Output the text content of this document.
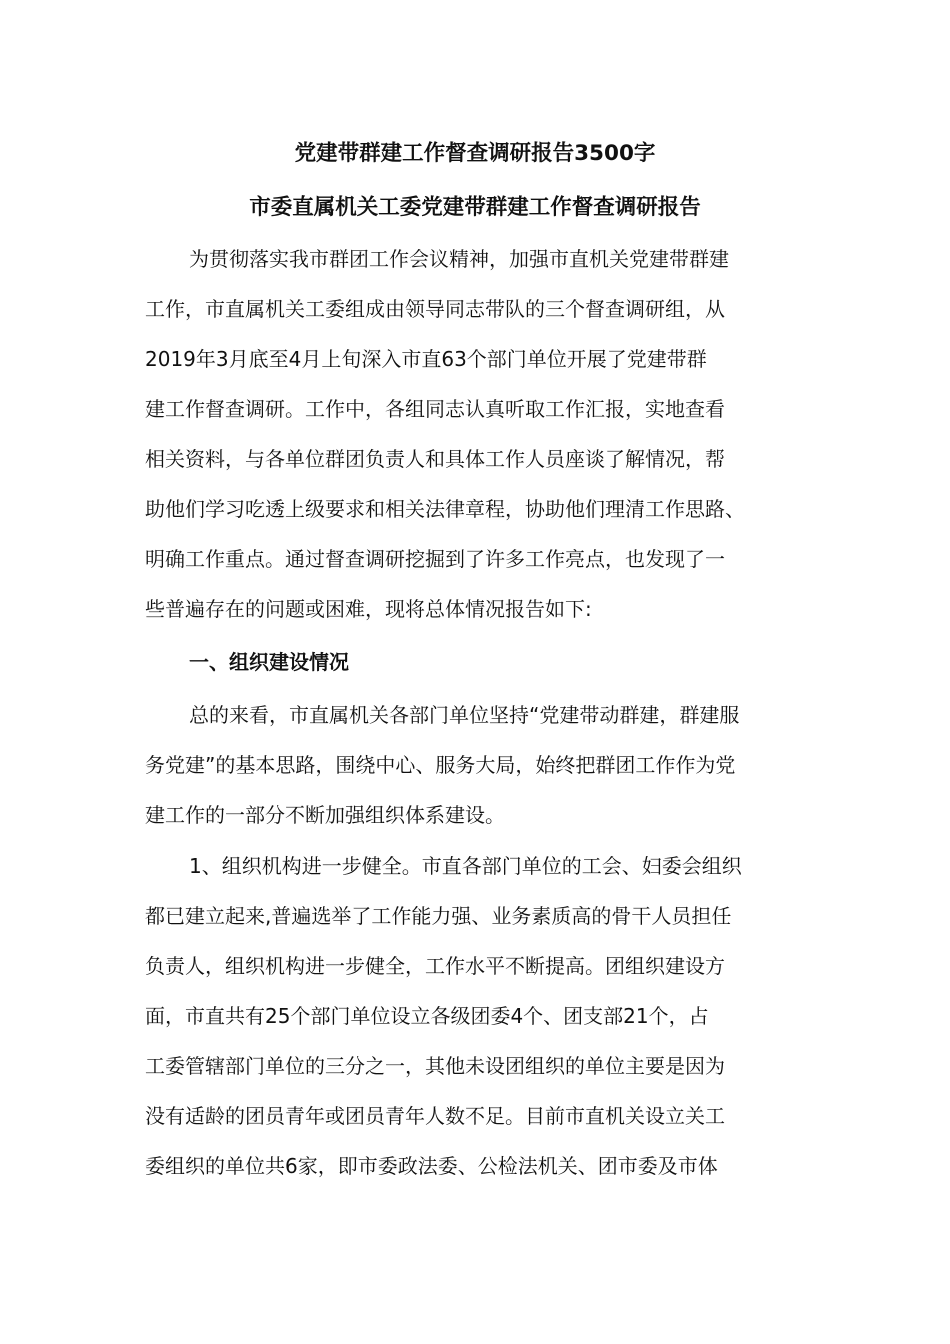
党建带群建工作督查调研报告3500字
市委直属机关工委党建带群建工作督查调研报告
为贯彻落实我市群团工作会议精神，加强市直机关党建带群建
工作，市直属机关工委组成由领导同志带队的三个督查调研组，从
2019年3月底至4月上旬深入市直63个部门单位开展了党建带群
建工作督查调研。工作中，各组同志认真听取工作汇报，实地查看
相关资料，与各单位群团负责人和具体工作人员座谈了解情况，帮
助他们学习吃透上级要求和相关法律章程，协助他们理清工作思路、
明确工作重点。通过督查调研挖掘到了许多工作亮点，也发现了一
些普遍存在的问题或困难，现将总体情况报告如下:
一、组织建设情况
总的来看，市直属机关各部门单位坚持“党建带动群建，群建服
务党建”的基本思路，围绕中心、服务大局，始终把群团工作作为党
建工作的一部分不断加强组织体系建设。
1、组织机构进一步健全。市直各部门单位的工会、妇委会组织
都已建立起来,普遍选举了工作能力强、业务素质高的骨干人员担任
负责人，组织机构进一步健全，工作水平不断提高。团组织建设方
面，市直共有25个部门单位设立各级团委4个、团支部21个，占
工委管辖部门单位的三分之一，其他未设团组织的单位主要是因为
没有适龄的团员青年或团员青年人数不足。目前市直机关设立关工
委组织的单位共6家，即市委政法委、公检法机关、团市委及市体
